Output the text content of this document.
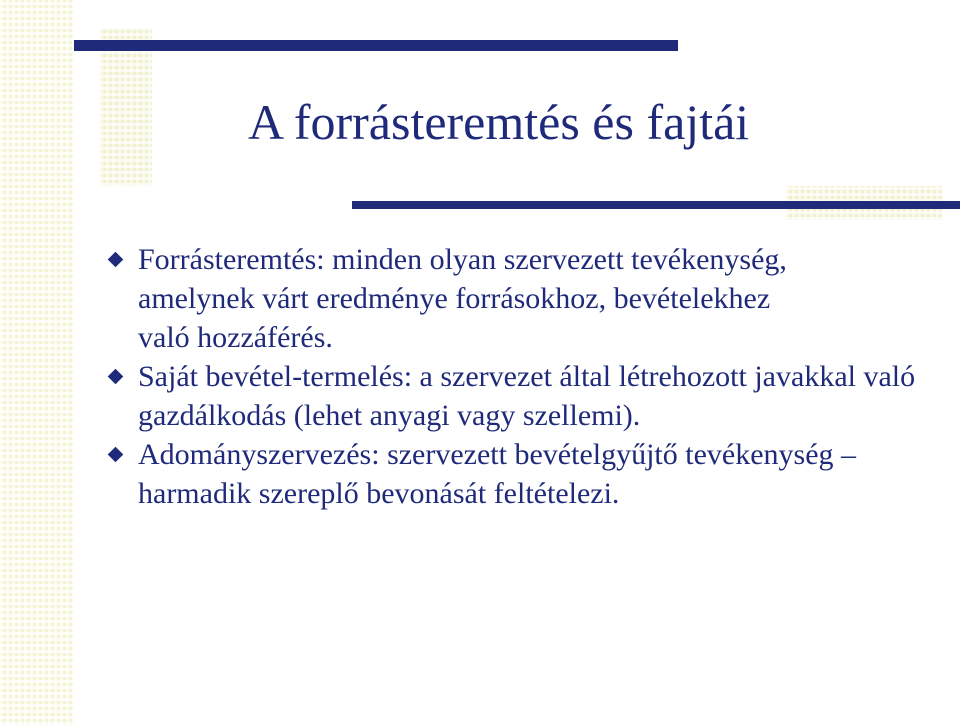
A forrásteremtés és fajtái
Forrásteremtés: minden olyan szervezett tevékenység, amelynek várt eredménye forrásokhoz, bevételekhez való hozzáférés.
Saját bevétel-termelés: a szervezet által létrehozott javakkal való gazdálkodás (lehet anyagi vagy szellemi).
Adományszervezés: szervezett bevételgyűjtő tevékenység – harmadik szereplő bevonását feltételezi.
